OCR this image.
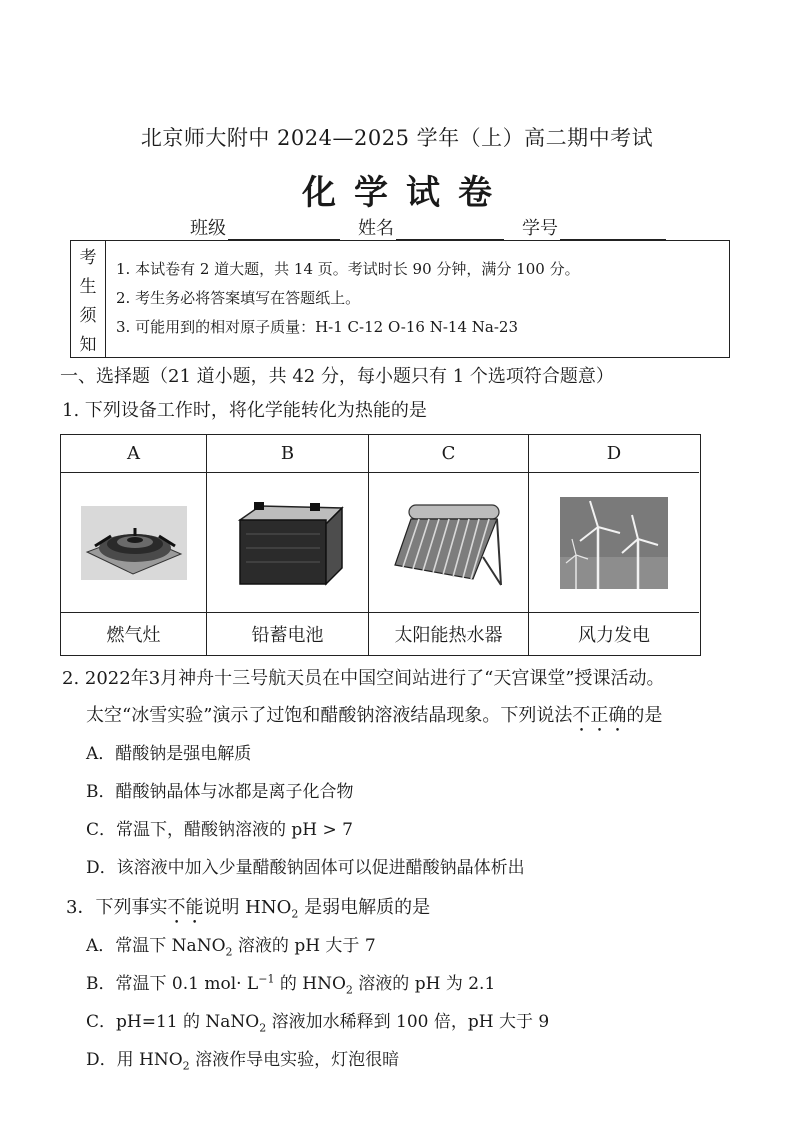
北京师大附中 2024—2025 学年（上）高二期中考试
化学试卷
班级	姓名	学号
考
生
须
知
1. 本试卷有 2 道大题，共 14 页。考试时长 90 分钟，满分 100 分。
2. 考生务必将答案填写在答题纸上。
3. 可能用到的相对原子质量：H-1 C-12 O-16 N-14 Na-23
一、选择题（21 道小题，共 42 分，每小题只有 1 个选项符合题意）
1. 下列设备工作时，将化学能转化为热能的是
A	B	C	D
燃气灶	铅蓄电池	太阳能热水器	风力发电
2. 2022年3月神舟十三号航天员在中国空间站进行了“天宫课堂”授课活动。
太空“冰雪实验”演示了过饱和醋酸钠溶液结晶现象。下列说法不正确的是
A．醋酸钠是强电解质
B．醋酸钠晶体与冰都是离子化合物
C．常温下，醋酸钠溶液的 pH > 7
D．该溶液中加入少量醋酸钠固体可以促进醋酸钠晶体析出
3．下列事实不能说明 $HNO_2$ 是弱电解质的是
A．常温下 NaNO$_2$ 溶液的 pH 大于 7
B．常温下 0.1 $mol\cdot L^{-1}$ 的 $HNO_2$ 溶液的 pH 为 2.1
C．pH=11 的 NaNO$_2$ 溶液加水稀释到 100 倍，pH 大于 9
D．用 $HNO_2$ 溶液作导电实验，灯泡很暗
